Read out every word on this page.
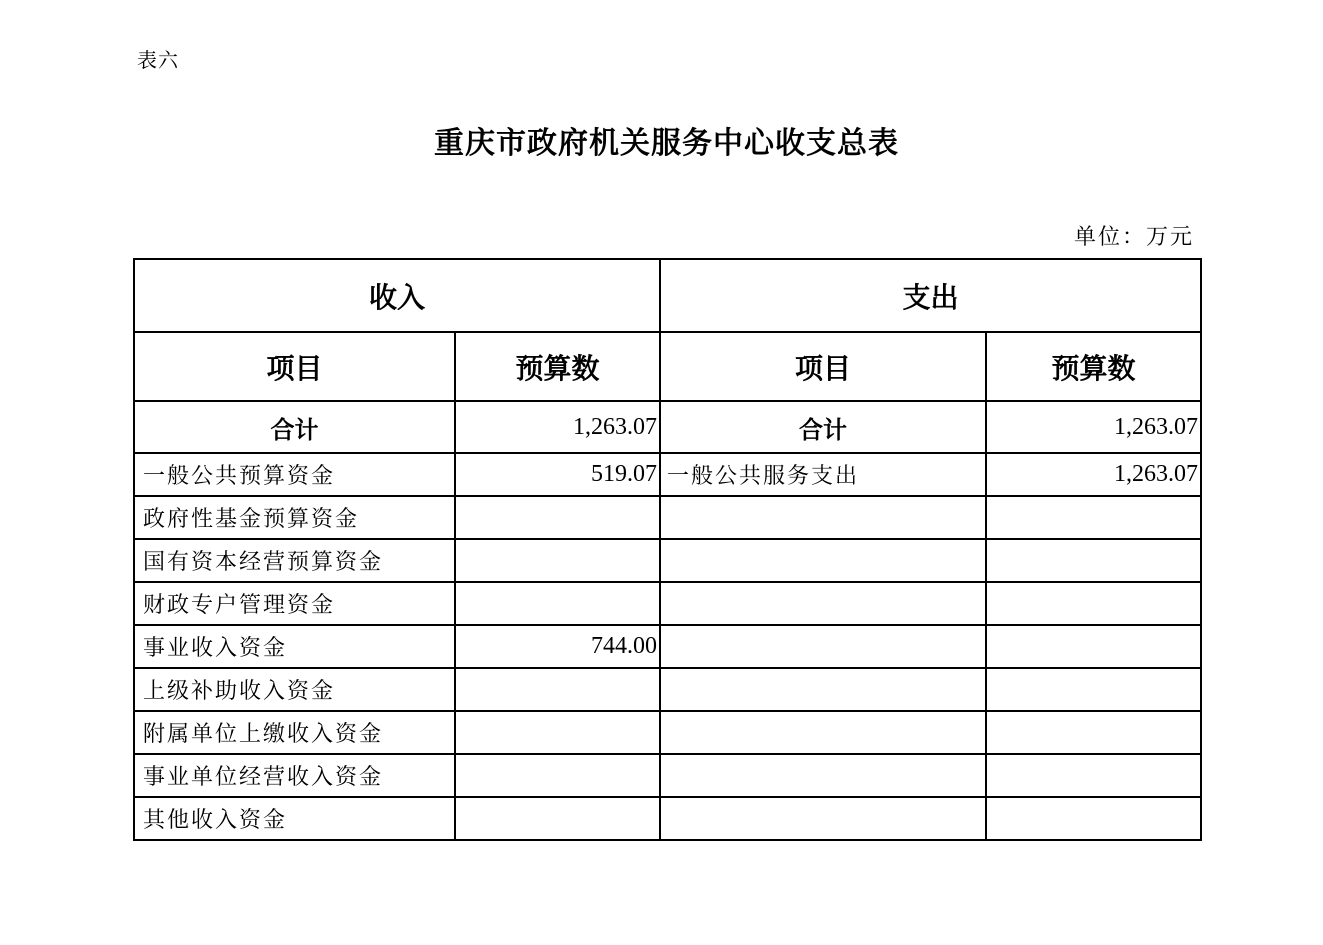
表六
重庆市政府机关服务中心收支总表
单位：万元
收入		支出	
项目	预算数	项目	预算数
合计	1,263.07	合计	1,263.07
一般公共预算资金	519.07	一般公共服务支出	1,263.07
政府性基金预算资金			
国有资本经营预算资金			
财政专户管理资金			
事业收入资金	744.00		
上级补助收入资金			
附属单位上缴收入资金			
事业单位经营收入资金			
其他收入资金			
